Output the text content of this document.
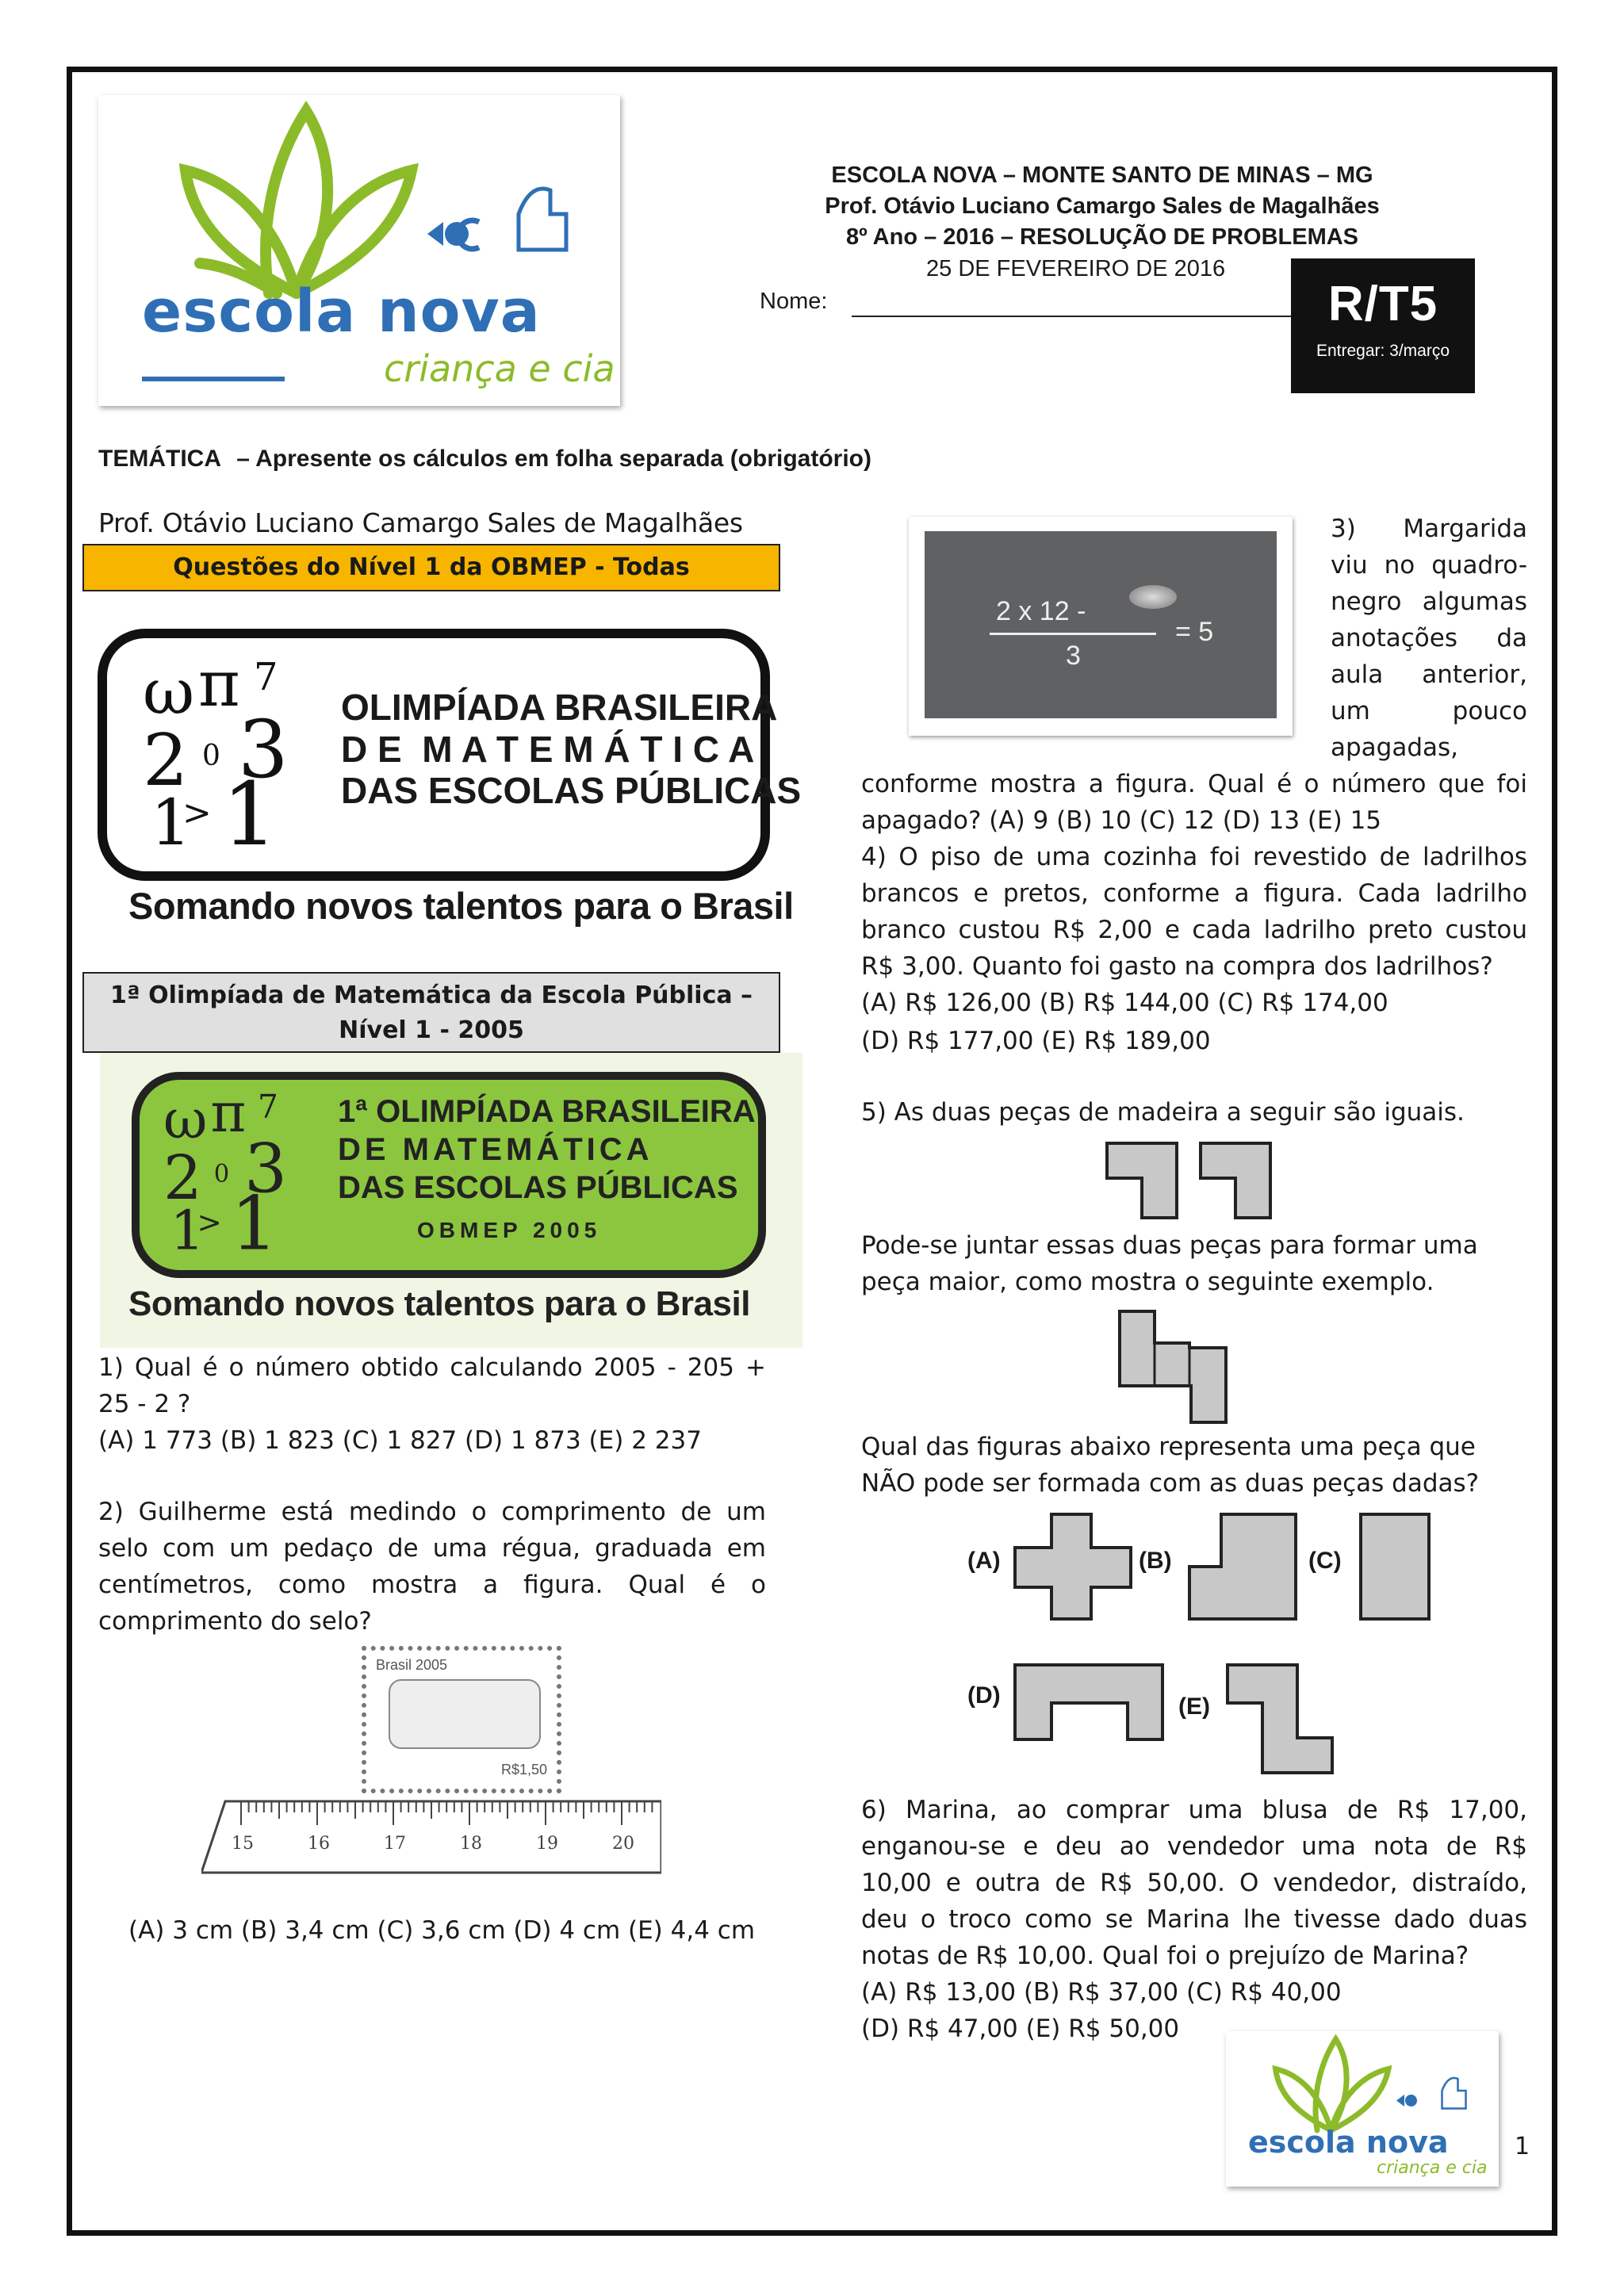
escola nova
criança e cia
ESCOLA NOVA – MONTE SANTO DE MINAS – MG
Prof. Otávio Luciano Camargo Sales de Magalhães
8º Ano – 2016 – RESOLUÇÃO DE PROBLEMAS
25 DE FEVEREIRO DE 2016
Nome:	R/T5
Entregar: 3/março
TEMÁTICA – Apresente os cálculos em folha separada (obrigatório)
Prof. Otávio Luciano Camargo Sales de Magalhães
Questões do Nível 1 da OBMEP - Todas
ω π 7
2 0 3
1
> 1
OLIMPÍADA BRASILEIRA
D E  M A T E M Á T I C A
DAS ESCOLAS PÚBLICAS
Somando novos talentos para o Brasil
1ª Olimpíada de Matemática da Escola Pública –
Nível 1 - 2005
ω π 7
2 0 3
1
> 1
1ª OLIMPÍADA BRASILEIRA
DE MATEMÁTICA
DAS ESCOLAS PÚBLICAS
OBMEP 2005
Somando novos talentos para o Brasil
1) Qual é o número obtido calculando 2005 - 205 + 25 - 2 ?
(A) 1 773 (B) 1 823 (C) 1 827 (D) 1 873 (E) 2 237
2) Guilherme está medindo o comprimento de um selo com um pedaço de uma régua, graduada em centímetros, como mostra a figura. Qual é o comprimento do selo?
Brasil 2005
R$1,50
15	16	17	18	19	20
(A) 3 cm (B) 3,4 cm (C) 3,6 cm (D) 4 cm (E) 4,4 cm
2 x 12 -
3
= 5
3) Margarida viu no quadro-negro algumas anotações da aula anterior, um pouco apagadas,
conforme mostra a figura. Qual é o número que foi apagado? (A) 9 (B) 10 (C) 12 (D) 13 (E) 15
4) O piso de uma cozinha foi revestido de ladrilhos brancos e pretos, conforme a figura. Cada ladrilho branco custou R$ 2,00 e cada ladrilho preto custou R$ 3,00. Quanto foi gasto na compra dos ladrilhos?
(A) R$ 126,00 (B) R$ 144,00 (C) R$ 174,00
(D) R$ 177,00 (E) R$ 189,00
5) As duas peças de madeira a seguir são iguais.
Pode-se juntar essas duas peças para formar uma peça maior, como mostra o seguinte exemplo.
Qual das figuras abaixo representa uma peça que NÃO pode ser formada com as duas peças dadas?
(A)	(B)	(C)
(D)	(E)
6) Marina, ao comprar uma blusa de R$ 17,00, enganou-se e deu ao vendedor uma nota de R$ 10,00 e outra de R$ 50,00. O vendedor, distraído, deu o troco como se Marina lhe tivesse dado duas notas de R$ 10,00. Qual foi o prejuízo de Marina?
(A) R$ 13,00 (B) R$ 37,00 (C) R$ 40,00
(D) R$ 47,00 (E) R$ 50,00
escola nova
criança e cia
1
